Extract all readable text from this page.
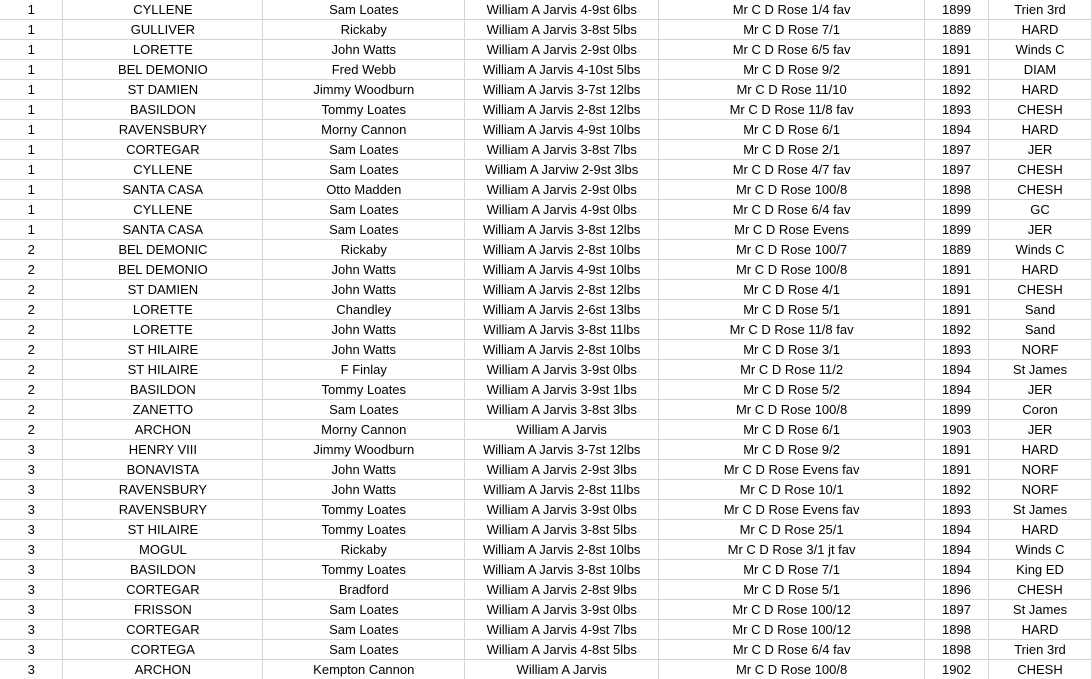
1	CYLLENE	Sam Loates	William A Jarvis 4-9st 6lbs	Mr C D Rose 1/4 fav	1899	Trien 3rd
1	GULLIVER	Rickaby	William A Jarvis 3-8st 5lbs	Mr C D Rose 7/1	1889	HARD
1	LORETTE	John Watts	William A Jarvis 2-9st 0lbs	Mr C D Rose 6/5 fav	1891	Winds C
1	BEL DEMONIO	Fred Webb	William A Jarvis 4-10st 5lbs	Mr C D Rose 9/2	1891	DIAM
1	ST DAMIEN	Jimmy Woodburn	William A Jarvis 3-7st 12lbs	Mr C D Rose 11/10	1892	HARD
1	BASILDON	Tommy Loates	William A Jarvis 2-8st 12lbs	Mr C D Rose 11/8 fav	1893	CHESH
1	RAVENSBURY	Morny Cannon	William A Jarvis 4-9st 10lbs	Mr C D Rose 6/1	1894	HARD
1	CORTEGAR	Sam Loates	William A Jarvis 3-8st 7lbs	Mr C D Rose 2/1	1897	JER
1	CYLLENE	Sam Loates	William A Jarviw 2-9st 3lbs	Mr C D Rose 4/7 fav	1897	CHESH
1	SANTA CASA	Otto Madden	William A Jarvis 2-9st 0lbs	Mr C D Rose 100/8	1898	CHESH
1	CYLLENE	Sam Loates	William A Jarvis 4-9st 0lbs	Mr C D Rose 6/4 fav	1899	GC
1	SANTA CASA	Sam Loates	William A Jarvis 3-8st 12lbs	Mr C D Rose Evens	1899	JER
2	BEL DEMONIC	Rickaby	William A Jarvis 2-8st 10lbs	Mr C D Rose 100/7	1889	Winds C
2	BEL DEMONIO	John Watts	William A Jarvis 4-9st 10lbs	Mr C D Rose 100/8	1891	HARD
2	ST DAMIEN	John Watts	William A Jarvis 2-8st 12lbs	Mr C D Rose 4/1	1891	CHESH
2	LORETTE	Chandley	William A Jarvis 2-6st 13lbs	Mr C D Rose 5/1	1891	Sand
2	LORETTE	John Watts	William A Jarvis 3-8st 11lbs	Mr C D Rose 11/8 fav	1892	Sand
2	ST HILAIRE	John Watts	William A Jarvis 2-8st 10lbs	Mr C D Rose 3/1	1893	NORF
2	ST HILAIRE	F Finlay	William A Jarvis 3-9st 0lbs	Mr C D Rose 11/2	1894	St James
2	BASILDON	Tommy Loates	William A Jarvis 3-9st 1lbs	Mr C D Rose 5/2	1894	JER
2	ZANETTO	Sam Loates	William A Jarvis 3-8st 3lbs	Mr C D Rose 100/8	1899	Coron
2	ARCHON	Morny Cannon	William A Jarvis	Mr C D Rose 6/1	1903	JER
3	HENRY VIII	Jimmy Woodburn	William A Jarvis 3-7st 12lbs	Mr C D Rose 9/2	1891	HARD
3	BONAVISTA	John Watts	William A Jarvis 2-9st 3lbs	Mr C D Rose Evens fav	1891	NORF
3	RAVENSBURY	John Watts	William A Jarvis 2-8st 11lbs	Mr C D Rose 10/1	1892	NORF
3	RAVENSBURY	Tommy Loates	William A Jarvis 3-9st 0lbs	Mr C D Rose Evens fav	1893	St James
3	ST HILAIRE	Tommy Loates	William A Jarvis 3-8st 5lbs	Mr C D Rose 25/1	1894	HARD
3	MOGUL	Rickaby	William A Jarvis 2-8st 10lbs	Mr C D Rose 3/1 jt fav	1894	Winds C
3	BASILDON	Tommy Loates	William A Jarvis 3-8st 10lbs	Mr C D Rose 7/1	1894	King ED
3	CORTEGAR	Bradford	William A Jarvis 2-8st 9lbs	Mr C D Rose 5/1	1896	CHESH
3	FRISSON	Sam Loates	William A Jarvis 3-9st 0lbs	Mr C D Rose 100/12	1897	St James
3	CORTEGAR	Sam Loates	William A Jarvis 4-9st 7lbs	Mr C D Rose 100/12	1898	HARD
3	CORTEGA	Sam Loates	William A Jarvis 4-8st 5lbs	Mr C D Rose 6/4 fav	1898	Trien 3rd
3	ARCHON	Kempton Cannon	William A Jarvis	Mr C D Rose 100/8	1902	CHESH
